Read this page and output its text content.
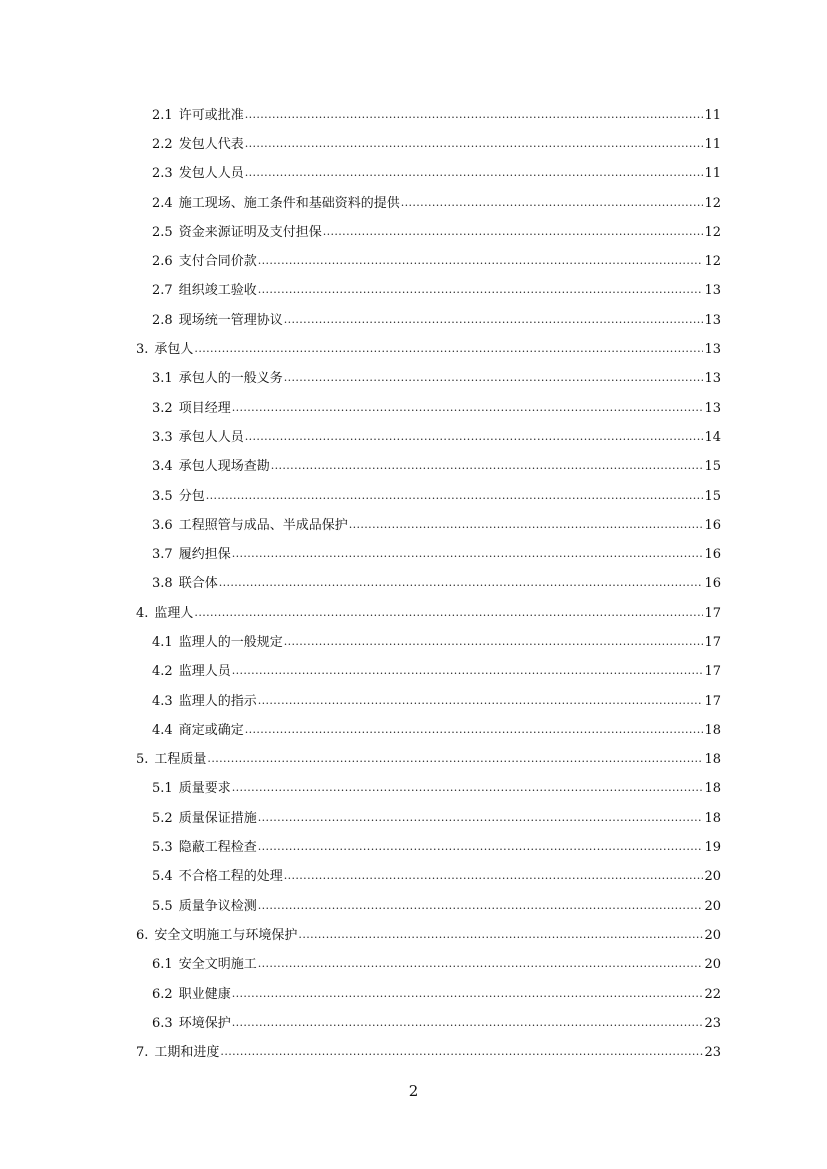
2.1 许可或批准 .....	11
2.2 发包人代表 .....	11
2.3 发包人人员 .....	11
2.4 施工现场、施工条件和基础资料的提供 .....	12
2.5 资金来源证明及支付担保 .....	12
2.6 支付合同价款 .....	12
2.7 组织竣工验收 .....	13
2.8 现场统一管理协议 .....	13
3. 承包人 .....	13
3.1 承包人的一般义务 .....	13
3.2 项目经理 .....	13
3.3 承包人人员 .....	14
3.4 承包人现场查勘 .....	15
3.5 分包 .....	15
3.6 工程照管与成品、半成品保护 .....	16
3.7 履约担保 .....	16
3.8 联合体 .....	16
4. 监理人 .....	17
4.1 监理人的一般规定 .....	17
4.2 监理人员 .....	17
4.3 监理人的指示 .....	17
4.4 商定或确定 .....	18
5. 工程质量 .....	18
5.1 质量要求 .....	18
5.2 质量保证措施 .....	18
5.3 隐蔽工程检查 .....	19
5.4 不合格工程的处理 .....	20
5.5 质量争议检测 .....	20
6. 安全文明施工与环境保护 .....	20
6.1 安全文明施工 .....	20
6.2 职业健康 .....	22
6.3 环境保护 .....	23
7. 工期和进度 .....	23
2
